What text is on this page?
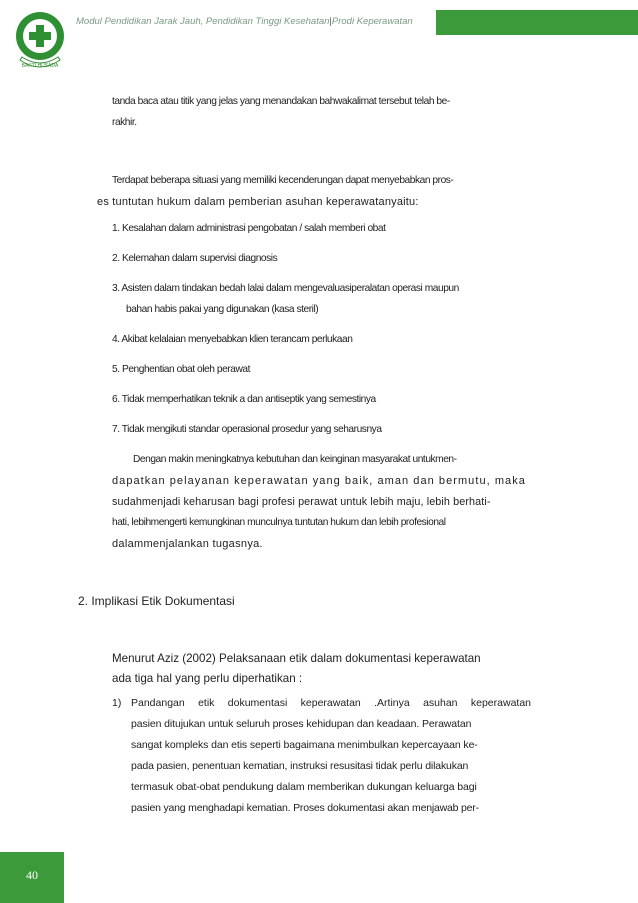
BAKTI HUSADA
Modul Pendidikan Jarak Jauh, Pendidikan Tinggi Kesehatan|Prodi Keperawatan
tanda baca atau titik yang jelas yang menandakan bahwakalimat tersebut telah be-
rakhir.
Terdapat beberapa situasi yang memiliki kecenderungan dapat menyebabkan pros-
es tuntutan hukum dalam pemberian asuhan keperawatanyaitu:
1. Kesalahan dalam administrasi pengobatan / salah memberi obat
2. Kelemahan dalam supervisi diagnosis
3. Asisten dalam tindakan bedah lalai dalam mengevaluasiperalatan operasi maupun
bahan habis pakai yang digunakan (kasa steril)
4. Akibat kelalaian menyebabkan klien terancam perlukaan
5. Penghentian obat oleh perawat
6. Tidak memperhatikan teknik a dan antiseptik yang semestinya
7. Tidak mengikuti standar operasional prosedur yang seharusnya
Dengan makin meningkatnya kebutuhan dan keinginan masyarakat untukmen-
dapatkan pelayanan keperawatan yang baik, aman dan bermutu, maka
sudahmenjadi keharusan bagi profesi perawat untuk lebih maju, lebih berhati-
hati, lebihmengerti kemungkinan munculnya tuntutan hukum dan lebih profesional
dalammenjalankan tugasnya.
2. Implikasi Etik Dokumentasi
Menurut Aziz (2002) Pelaksanaan etik dalam dokumentasi keperawatan
ada tiga hal yang perlu diperhatikan :
1) Pandangan etik dokumentasi keperawatan .Artinya asuhan keperawatan
pasien ditujukan untuk seluruh proses kehidupan dan keadaan. Perawatan
sangat kompleks dan etis seperti bagaimana menimbulkan kepercayaan ke-
pada pasien, penentuan kematian, instruksi resusitasi tidak perlu dilakukan
termasuk obat-obat pendukung dalam memberikan dukungan keluarga bagi
pasien yang menghadapi kematian. Proses dokumentasi akan menjawab per-
40
